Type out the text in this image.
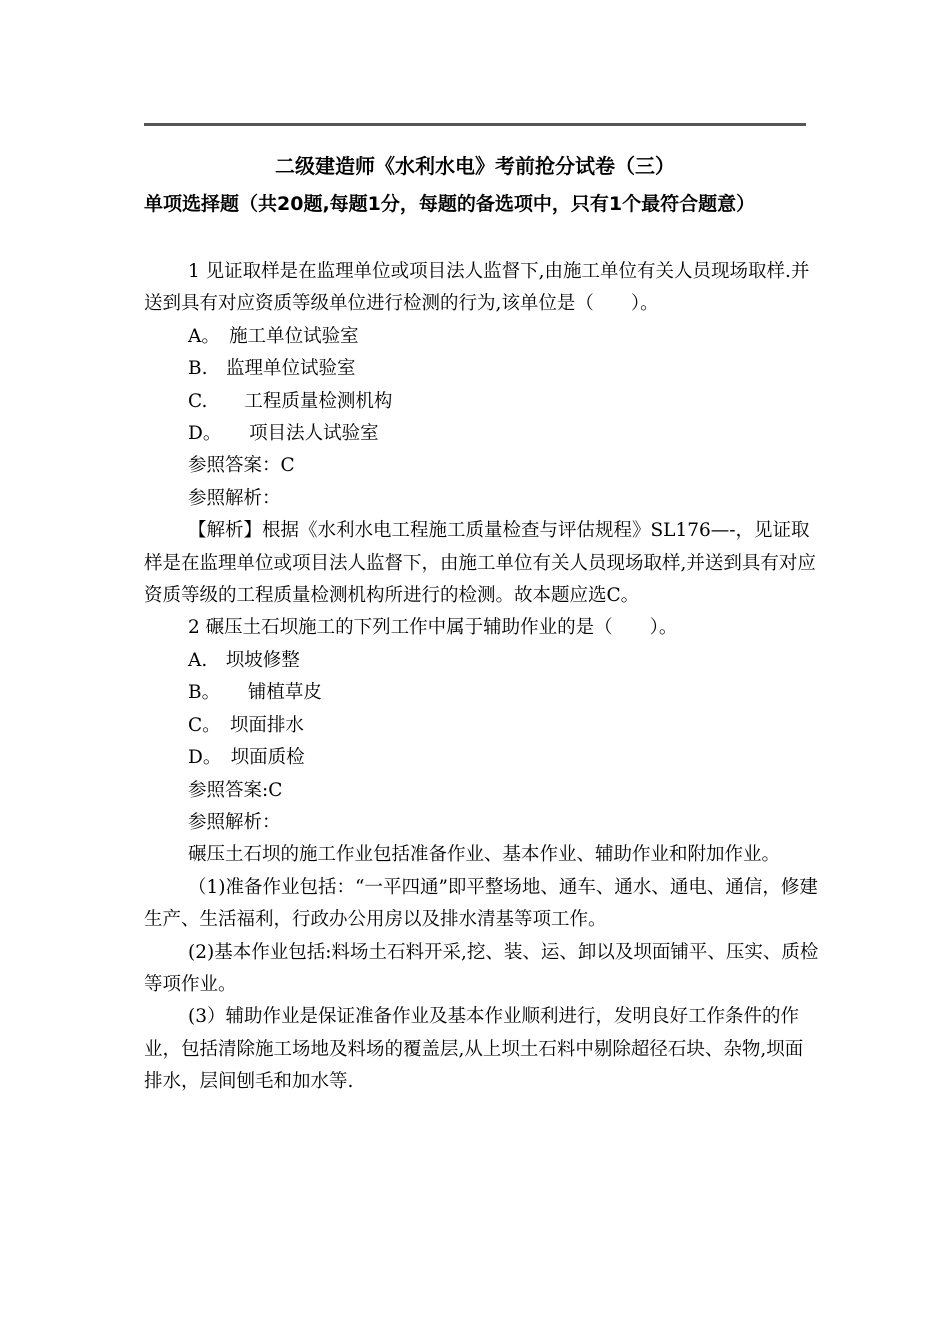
二级建造师《水利水电》考前抢分试卷（三）
单项选择题（共20题,每题1分，每题的备选项中，只有1个最符合题意）

1 见证取样是在监理单位或项目法人监督下,由施工单位有关人员现场取样.并送到具有对应资质等级单位进行检测的行为,该单位是（　　）。

A。　施工单位试验室

B.　监理单位试验室

C.　　工程质量检测机构

D。　　项目法人试验室

参照答案：C

参照解析：

【解析】根据《水利水电工程施工质量检查与评估规程》SL176—-，见证取样是在监理单位或项目法人监督下，由施工单位有关人员现场取样,并送到具有对应资质等级的工程质量检测机构所进行的检测。故本题应选C。

2 碾压土石坝施工的下列工作中属于辅助作业的是（　　）。

A.　坝坡修整

B。　　铺植草皮

C。　坝面排水

D。　坝面质检

参照答案:C

参照解析：

碾压土石坝的施工作业包括准备作业、基本作业、辅助作业和附加作业。

（1)准备作业包括：“一平四通”即平整场地、通车、通水、通电、通信，修建生产、生活福利，行政办公用房以及排水清基等项工作。

(2)基本作业包括:料场土石料开采,挖、装、运、卸以及坝面铺平、压实、质检等项作业。

(3）辅助作业是保证准备作业及基本作业顺利进行，发明良好工作条件的作业，包括清除施工场地及料场的覆盖层,从上坝土石料中剔除超径石块、杂物,坝面排水，层间刨毛和加水等.
